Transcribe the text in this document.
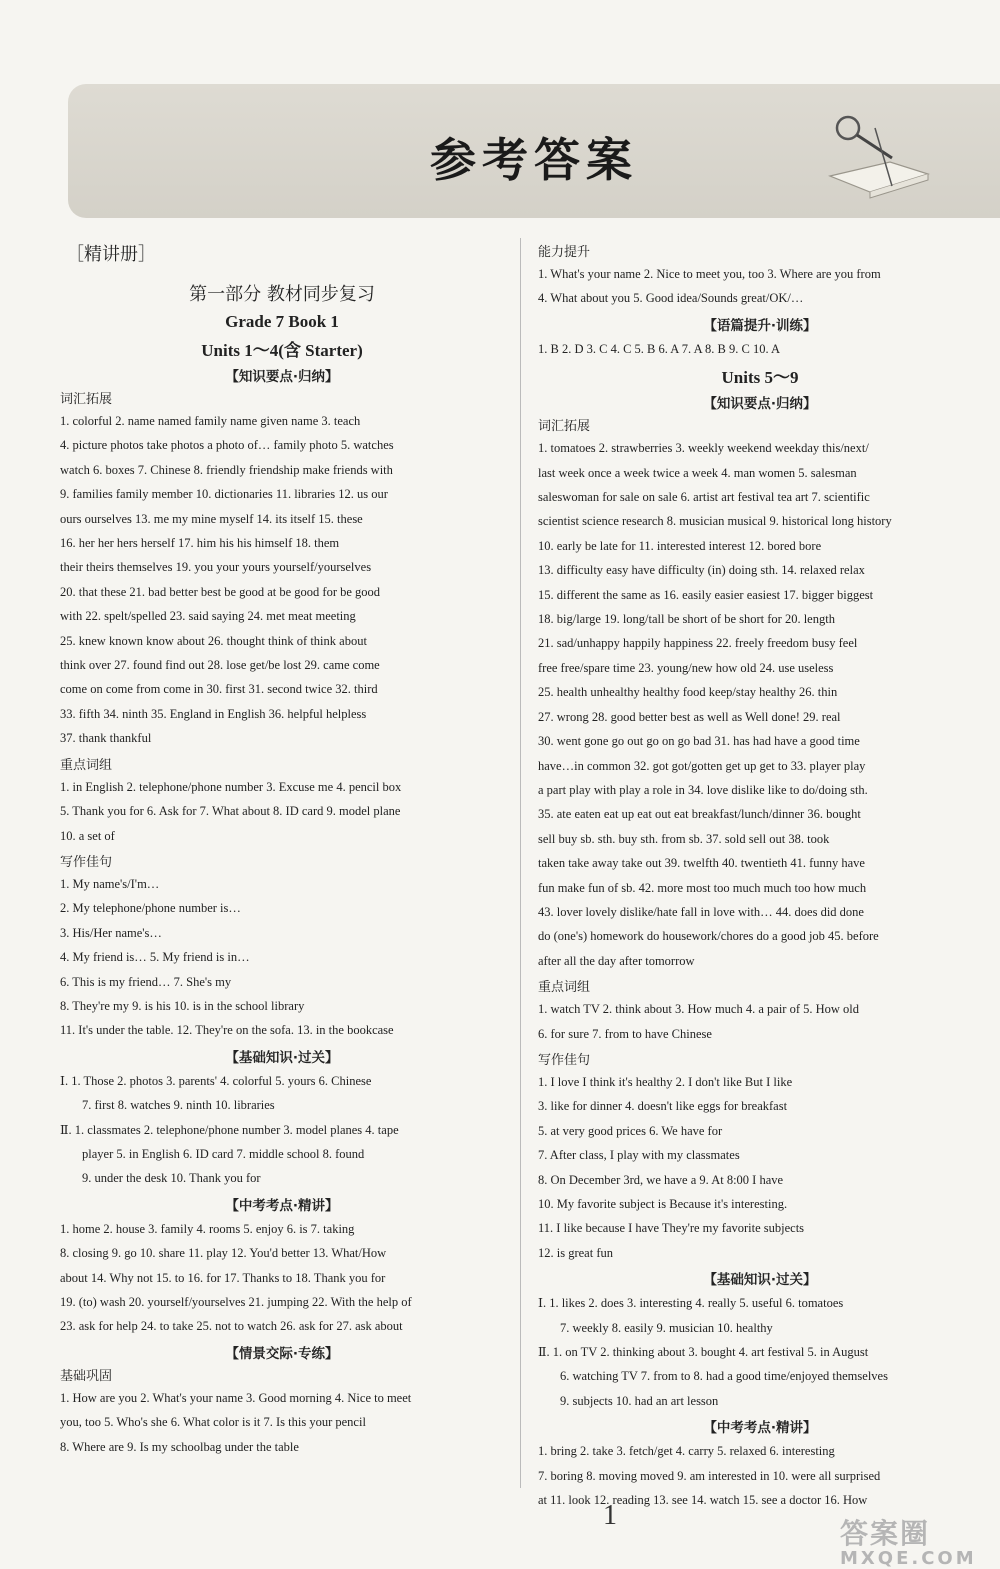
参考答案
［精讲册］
第一部分 教材同步复习
Grade 7 Book 1
Units 1～4(含 Starter)
【知识要点·归纳】
词汇拓展
1. colorful 2. name named family name given name 3. teach
4. picture photos take photos a photo of… family photo 5. watches
watch 6. boxes 7. Chinese 8. friendly friendship make friends with
9. families family member 10. dictionaries 11. libraries 12. us our
ours ourselves 13. me my mine myself 14. its itself 15. these
16. her her hers herself 17. him his his himself 18. them
their theirs themselves 19. you your yours yourself/yourselves
20. that these 21. bad better best be good at be good for be good
with 22. spelt/spelled 23. said saying 24. met meat meeting
25. knew known know about 26. thought think of think about
think over 27. found find out 28. lose get/be lost 29. came come
come on come from come in 30. first 31. second twice 32. third
33. fifth 34. ninth 35. England in English 36. helpful helpless
37. thank thankful
重点词组
1. in English 2. telephone/phone number 3. Excuse me 4. pencil box
5. Thank you for 6. Ask for 7. What about 8. ID card 9. model plane
10. a set of
写作佳句
1. My name's/I'm…
2. My telephone/phone number is…
3. His/Her name's…
4. My friend is… 5. My friend is in…
6. This is my friend… 7. She's my
8. They're my 9. is his 10. is in the school library
11. It's under the table. 12. They're on the sofa. 13. in the bookcase
【基础知识·过关】
Ⅰ. 1. Those 2. photos 3. parents' 4. colorful 5. yours 6. Chinese
7. first 8. watches 9. ninth 10. libraries
Ⅱ. 1. classmates 2. telephone/phone number 3. model planes 4. tape
player 5. in English 6. ID card 7. middle school 8. found
9. under the desk 10. Thank you for
【中考考点·精讲】
1. home 2. house 3. family 4. rooms 5. enjoy 6. is 7. taking
8. closing 9. go 10. share 11. play 12. You'd better 13. What/How
about 14. Why not 15. to 16. for 17. Thanks to 18. Thank you for
19. (to) wash 20. yourself/yourselves 21. jumping 22. With the help of
23. ask for help 24. to take 25. not to watch 26. ask for 27. ask about
【情景交际·专练】
基础巩固
1. How are you 2. What's your name 3. Good morning 4. Nice to meet
you, too 5. Who's she 6. What color is it 7. Is this your pencil
8. Where are 9. Is my schoolbag under the table
能力提升
1. What's your name 2. Nice to meet you, too 3. Where are you from
4. What about you 5. Good idea/Sounds great/OK/…
【语篇提升·训练】
1. B 2. D 3. C 4. C 5. B 6. A 7. A 8. B 9. C 10. A
Units 5～9
【知识要点·归纳】
词汇拓展
1. tomatoes 2. strawberries 3. weekly weekend weekday this/next/
last week once a week twice a week 4. man women 5. salesman
saleswoman for sale on sale 6. artist art festival tea art 7. scientific
scientist science research 8. musician musical 9. historical long history
10. early be late for 11. interested interest 12. bored bore
13. difficulty easy have difficulty (in) doing sth. 14. relaxed relax
15. different the same as 16. easily easier easiest 17. bigger biggest
18. big/large 19. long/tall be short of be short for 20. length
21. sad/unhappy happily happiness 22. freely freedom busy feel
free free/spare time 23. young/new how old 24. use useless
25. health unhealthy healthy food keep/stay healthy 26. thin
27. wrong 28. good better best as well as Well done! 29. real
30. went gone go out go on go bad 31. has had have a good time
have…in common 32. got got/gotten get up get to 33. player play
a part play with play a role in 34. love dislike like to do/doing sth.
35. ate eaten eat up eat out eat breakfast/lunch/dinner 36. bought
sell buy sb. sth. buy sth. from sb. 37. sold sell out 38. took
taken take away take out 39. twelfth 40. twentieth 41. funny have
fun make fun of sb. 42. more most too much much too how much
43. lover lovely dislike/hate fall in love with… 44. does did done
do (one's) homework do housework/chores do a good job 45. before
after all the day after tomorrow
重点词组
1. watch TV 2. think about 3. How much 4. a pair of 5. How old
6. for sure 7. from to have Chinese
写作佳句
1. I love I think it's healthy 2. I don't like But I like
3. like for dinner 4. doesn't like eggs for breakfast
5. at very good prices 6. We have for
7. After class, I play with my classmates
8. On December 3rd, we have a 9. At 8:00 I have
10. My favorite subject is Because it's interesting.
11. I like because I have They're my favorite subjects
12. is great fun
【基础知识·过关】
Ⅰ. 1. likes 2. does 3. interesting 4. really 5. useful 6. tomatoes
7. weekly 8. easily 9. musician 10. healthy
Ⅱ. 1. on TV 2. thinking about 3. bought 4. art festival 5. in August
6. watching TV 7. from to 8. had a good time/enjoyed themselves
9. subjects 10. had an art lesson
【中考考点·精讲】
1. bring 2. take 3. fetch/get 4. carry 5. relaxed 6. interesting
7. boring 8. moving moved 9. am interested in 10. were all surprised
at 11. look 12. reading 13. see 14. watch 15. see a doctor 16. How
1
答案圈
MXQE.COM
